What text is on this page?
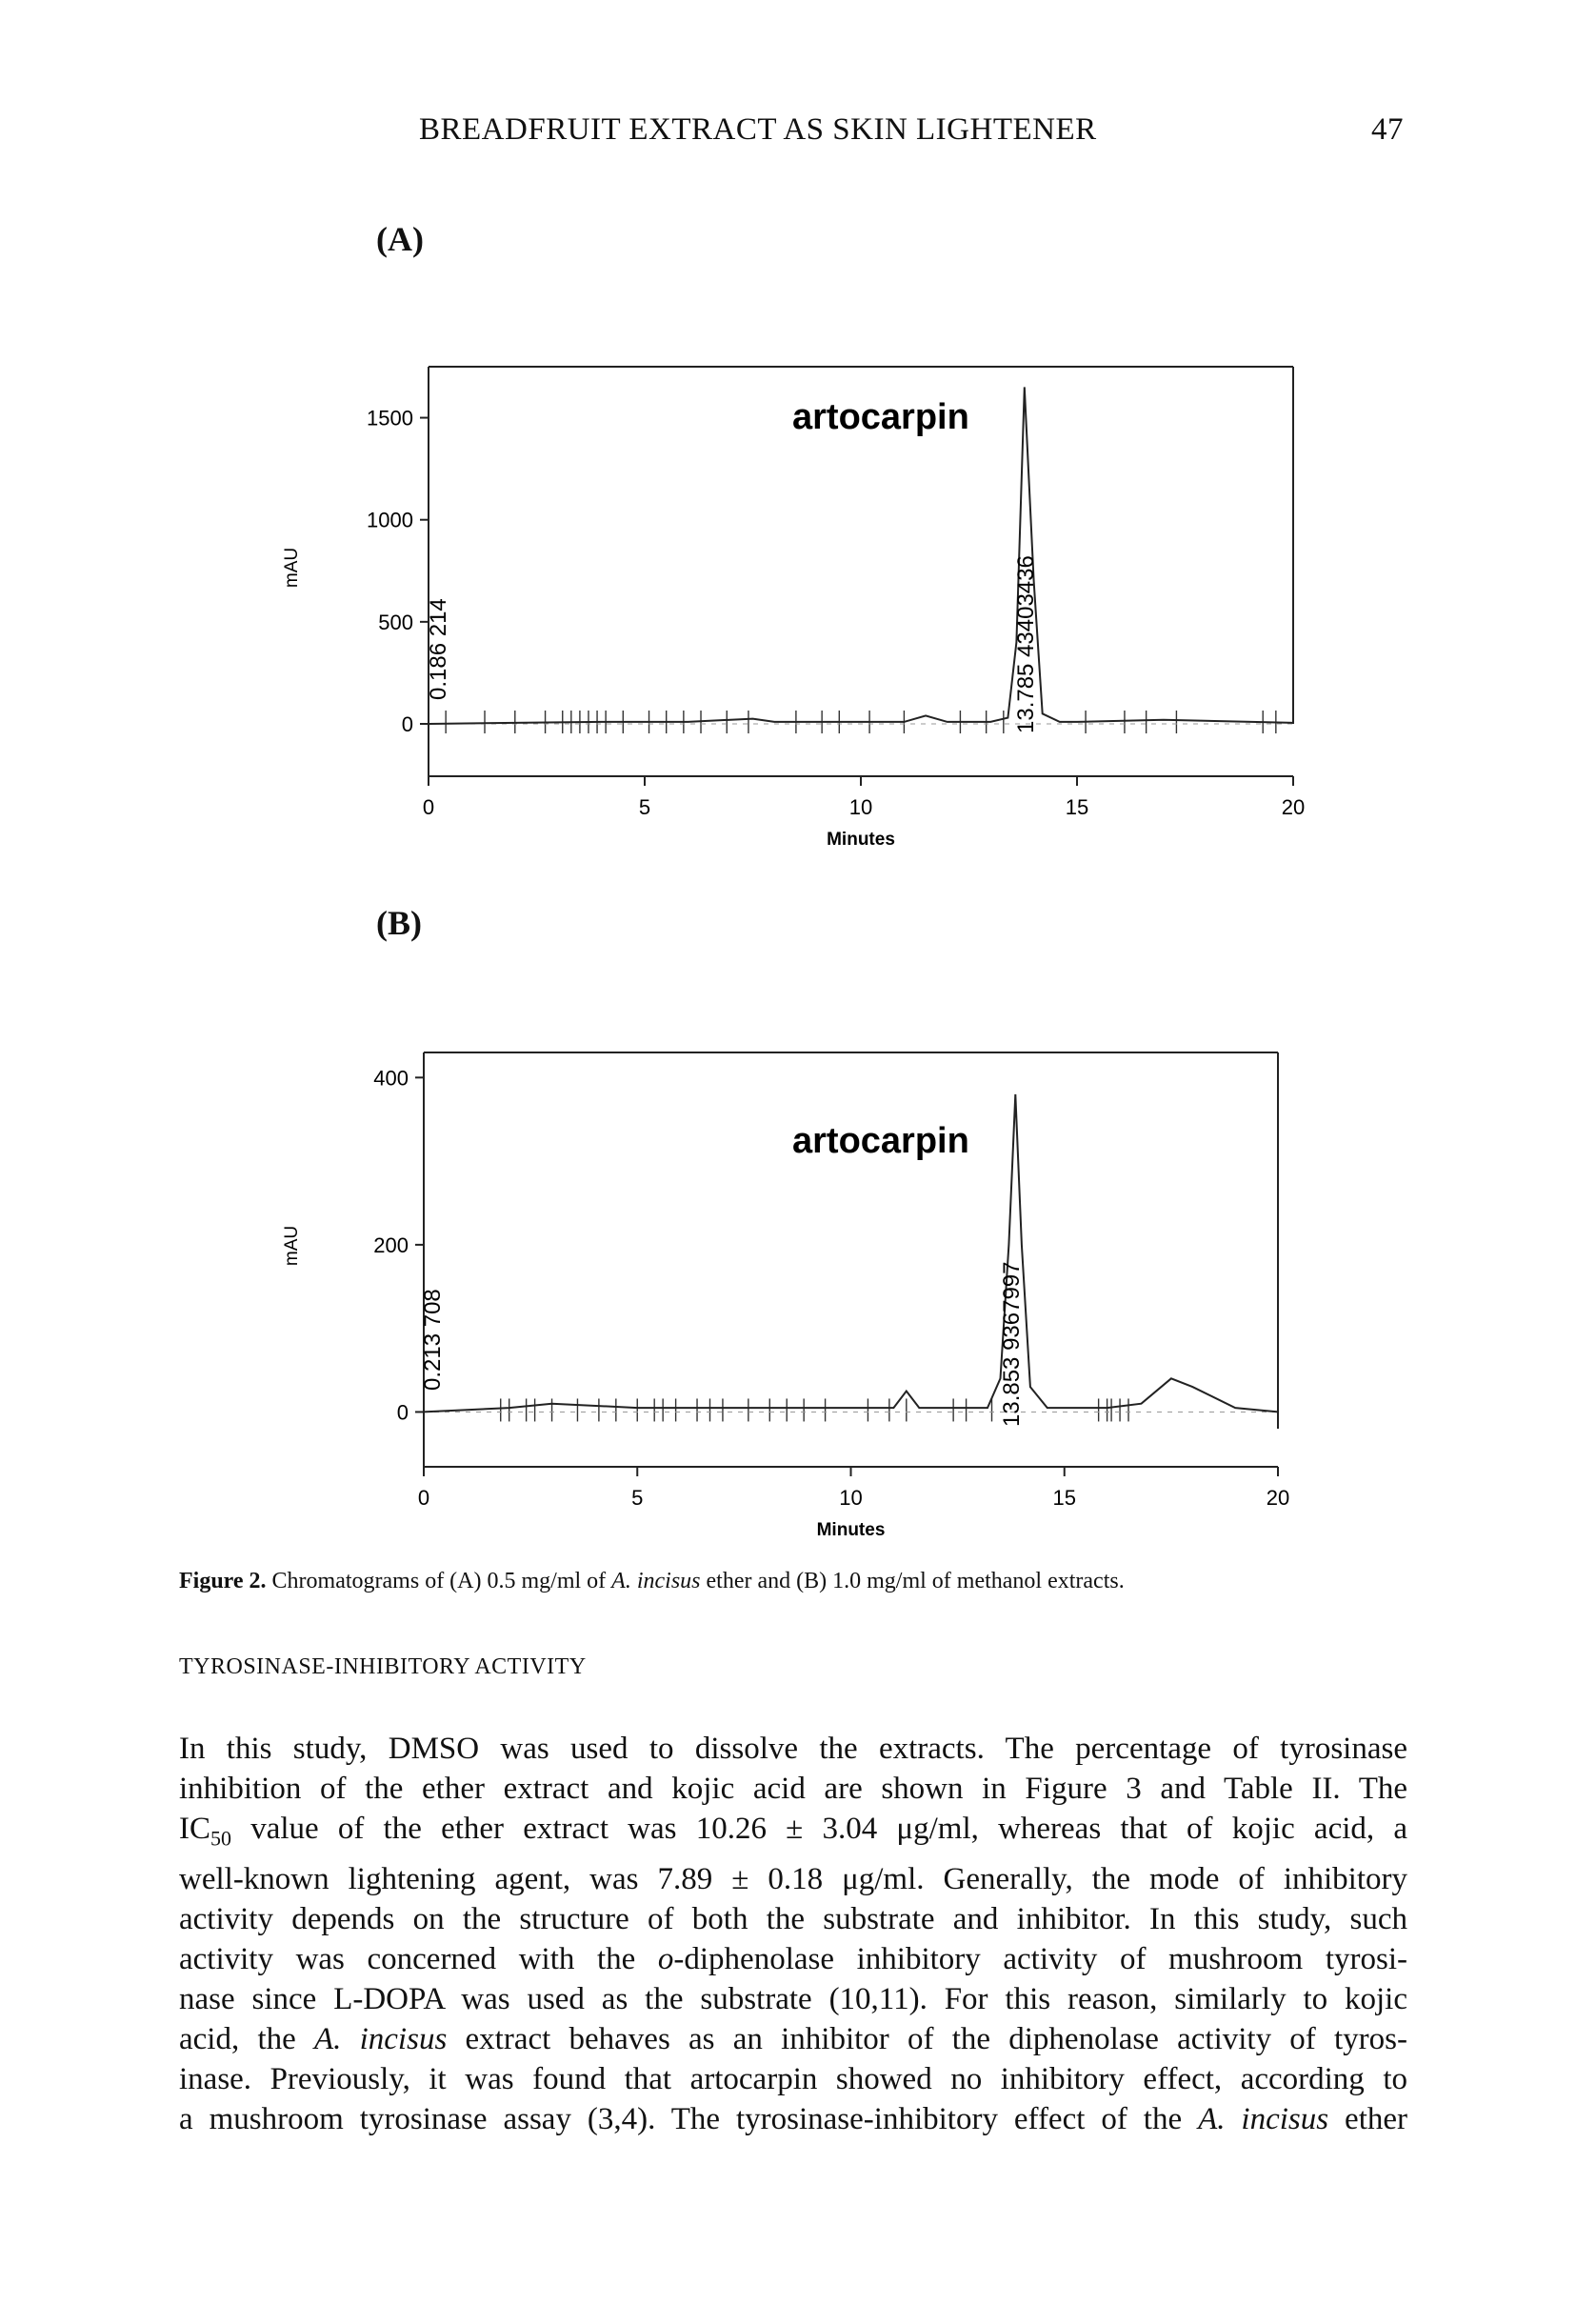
BREADFRUIT EXTRACT AS SKIN LIGHTENER	47
(A)
(B)
0
500
1000
1500
0	5	10	15	20
Minutes
mAU
0.186 214	13.785 43403436
artocarpin
0
200
400
0	5	10	15	20
Minutes
mAU
0.213 708	13.853 9367997
artocarpin
Figure 2. Chromatograms of (A) 0.5 mg/ml of A. incisus ether and (B) 1.0 mg/ml of methanol extracts.
TYROSINASE-INHIBITORY ACTIVITY
In this study, DMSO was used to dissolve the extracts. The percentage of tyrosinase
inhibition of the ether extract and kojic acid are shown in Figure 3 and Table II. The
$IC_{50}$ value of the ether extract was 10.26 ± 3.04 μg/ml, whereas that of kojic acid, a
well-known lightening agent, was 7.89 ± 0.18 μg/ml. Generally, the mode of inhibitory
activity depends on the structure of both the substrate and inhibitor. In this study, such
activity was concerned with the o-diphenolase inhibitory activity of mushroom tyrosi-
nase since L-DOPA was used as the substrate (10,11). For this reason, similarly to kojic
acid, the A. incisus extract behaves as an inhibitor of the diphenolase activity of tyros-
inase. Previously, it was found that artocarpin showed no inhibitory effect, according to
a mushroom tyrosinase assay (3,4). The tyrosinase-inhibitory effect of the A. incisus ether
